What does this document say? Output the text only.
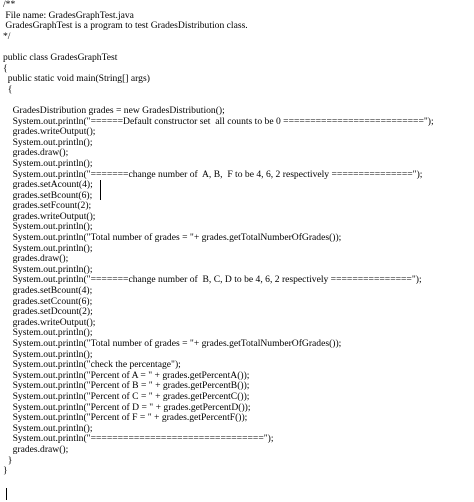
/**
File name: GradesGraphTest.java
GradesGraphTest is a program to test GradesDistribution class.
*/
public class GradesGraphTest
{
public static void main(String[] args)
{
GradesDistribution grades = new GradesDistribution();
System.out.println("======Default constructor set  all counts to be 0 ==========================");
grades.writeOutput();
System.out.println();
grades.draw();
System.out.println();
System.out.println("=======change number of  A, B,  F to be 4, 6, 2 respectively ===============");
grades.setAcount(4);
grades.setBcount(6);
grades.setFcount(2);
grades.writeOutput();
System.out.println();
System.out.println("Total number of grades = "+ grades.getTotalNumberOfGrades());
System.out.println();
grades.draw();
System.out.println();
System.out.println("=======change number of  B, C, D to be 4, 6, 2 respectively ===============");
grades.setBcount(4);
grades.setCcount(6);
grades.setDcount(2);
grades.writeOutput();
System.out.println();
System.out.println("Total number of grades = "+ grades.getTotalNumberOfGrades());
System.out.println();
System.out.println("check the percentage");
System.out.println("Percent of A = " + grades.getPercentA());
System.out.println("Percent of B = " + grades.getPercentB());
System.out.println("Percent of C = " + grades.getPercentC());
System.out.println("Percent of D = " + grades.getPercentD());
System.out.println("Percent of F = " + grades.getPercentF());
System.out.println();
System.out.println("================================");
grades.draw();
}
}
